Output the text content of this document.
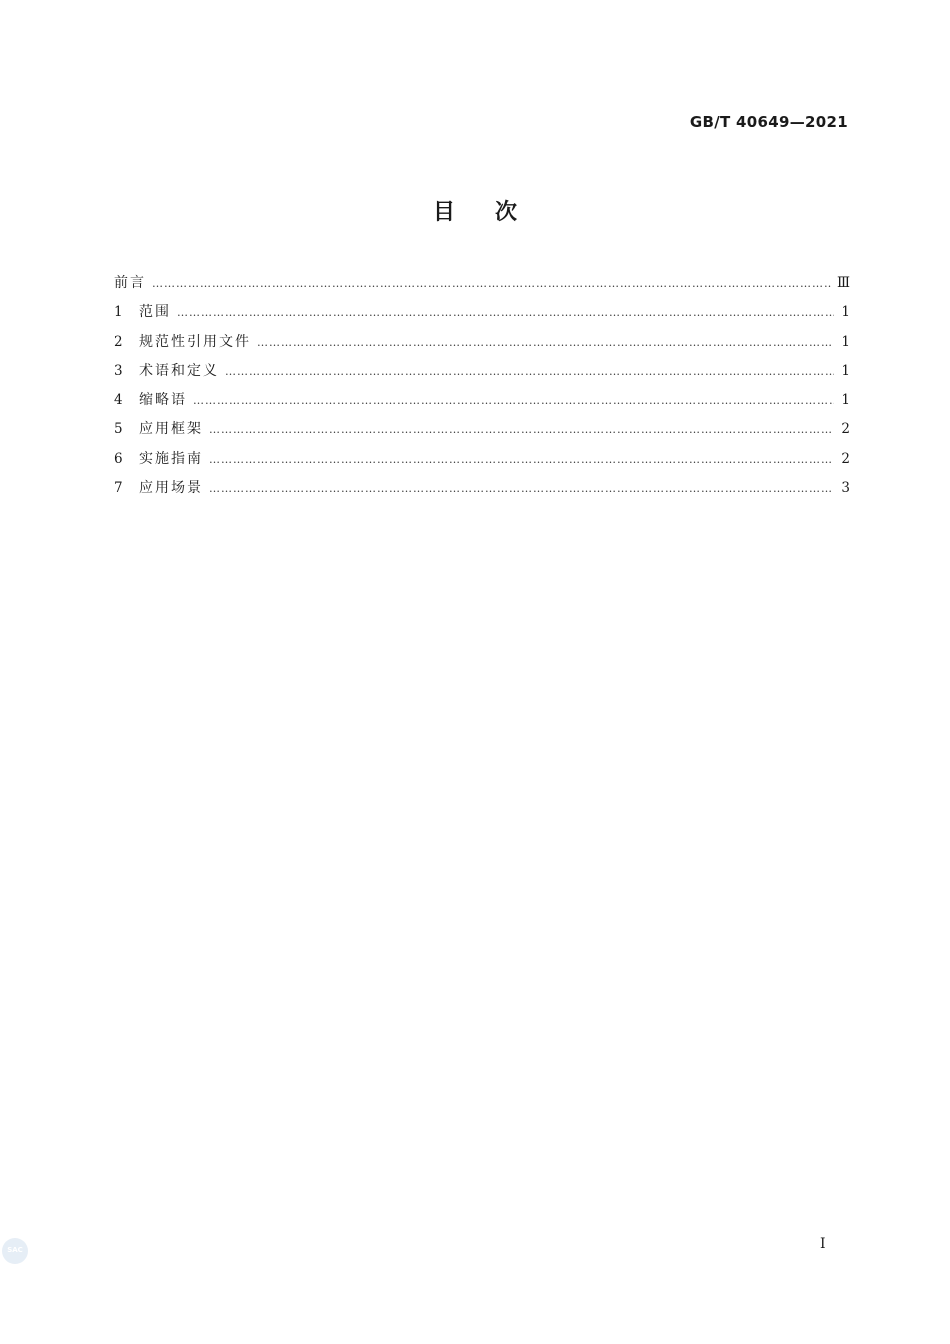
GB/T 40649—2021
目次
前言 ……………………………………………………………………………………………………………………………………………………………………………………………………………………………………	Ⅲ
1	范围 ……………………………………………………………………………………………………………………………………………………………………………………………………………………………………	1
2	规范性引用文件 ……………………………………………………………………………………………………………………………………………………………………………………………………………………………………	1
3	术语和定义 ……………………………………………………………………………………………………………………………………………………………………………………………………………………………………	1
4	缩略语 ……………………………………………………………………………………………………………………………………………………………………………………………………………………………………	1
5	应用框架 ……………………………………………………………………………………………………………………………………………………………………………………………………………………………………	2
6	实施指南 ……………………………………………………………………………………………………………………………………………………………………………………………………………………………………	2
7	应用场景 ……………………………………………………………………………………………………………………………………………………………………………………………………………………………………	3
I
SAC
